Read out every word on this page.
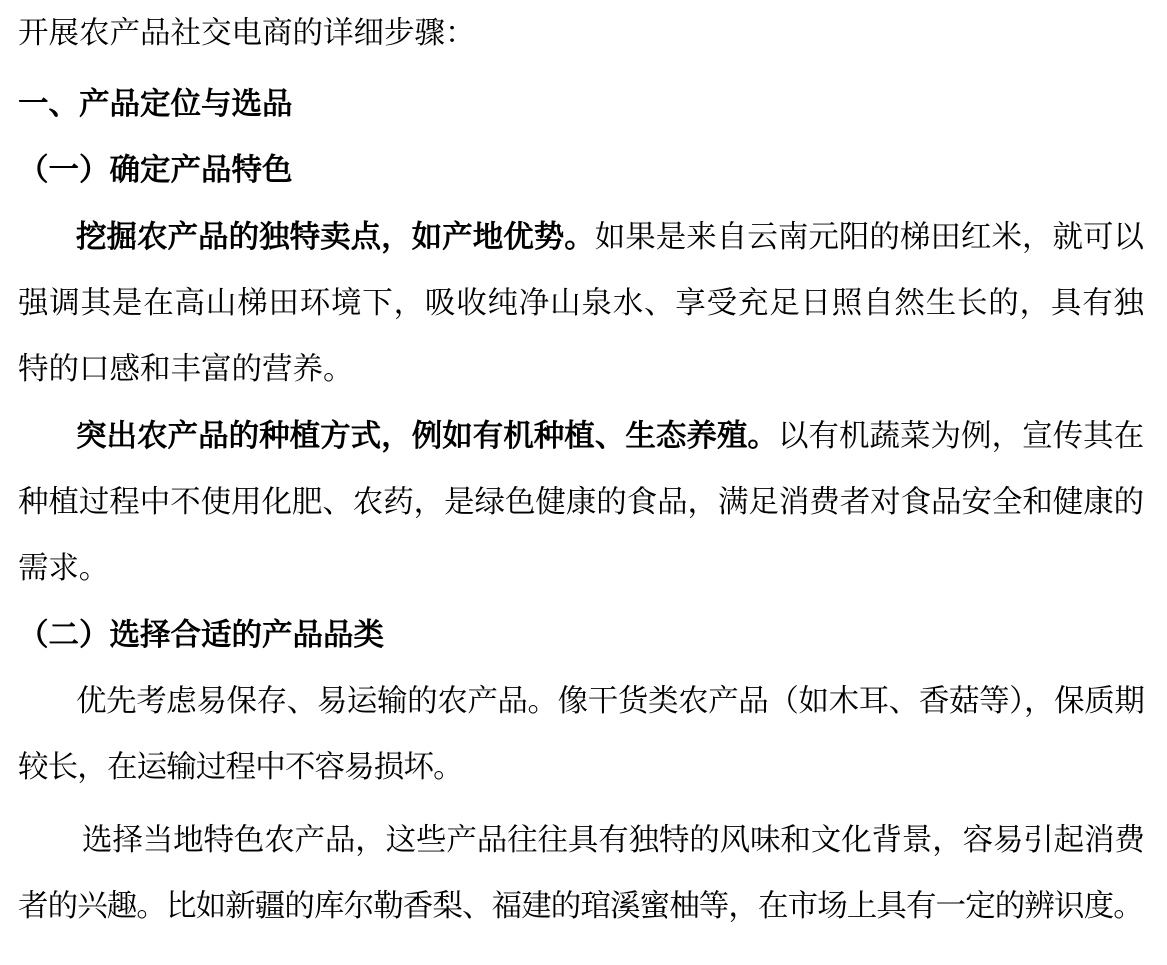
开展农产品社交电商的详细步骤：

一、产品定位与选品
（一）确定产品特色

挖掘农产品的独特卖点，如产地优势。如果是来自云南元阳的梯田红米，就可以强调其是在高山梯田环境下，吸收纯净山泉水、享受充足日照自然生长的，具有独特的口感和丰富的营养。

突出农产品的种植方式，例如有机种植、生态养殖。以有机蔬菜为例，宣传其在种植过程中不使用化肥、农药，是绿色健康的食品，满足消费者对食品安全和健康的需求。

（二）选择合适的产品品类

优先考虑易保存、易运输的农产品。像干货类农产品（如木耳、香菇等），保质期较长，在运输过程中不容易损坏。

选择当地特色农产品，这些产品往往具有独特的风味和文化背景，容易引起消费者的兴趣。比如新疆的库尔勒香梨、福建的琯溪蜜柚等，在市场上具有一定的辨识度。
